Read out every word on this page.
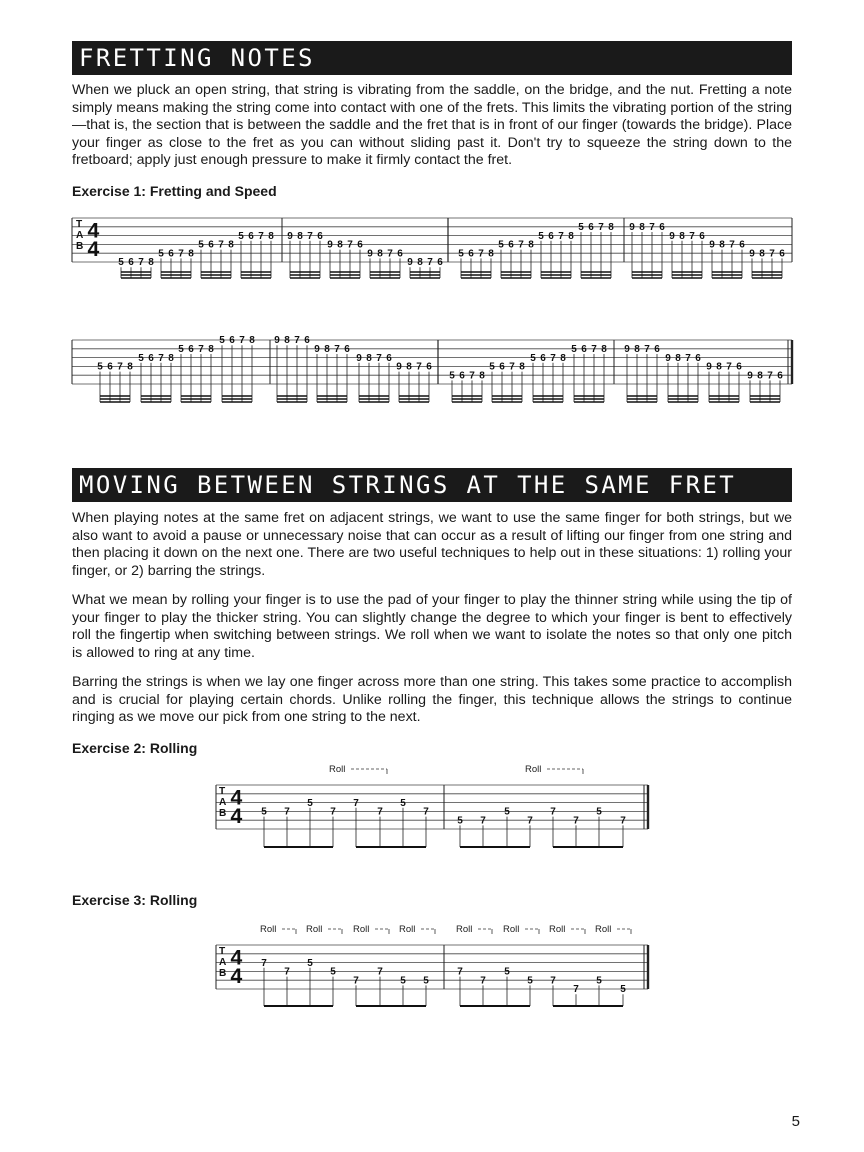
FRETTING NOTES

When we pluck an open string, that string is vibrating from the saddle, on the bridge, and the nut. Fretting a note simply means making the string come into contact with one of the frets. This limits the vibrating portion of the string—that is, the section that is between the saddle and the fret that is in front of our finger (towards the bridge). Place your finger as close to the fret as you can without sliding past it. Don't try to squeeze the string down to the fretboard; apply just enough pressure to make it firmly contact the fret.

Exercise 1: Fretting and Speed

T
A
B
4
4
5 6 7 8
5 6 7 8
5 6 7 8
5 6 7 8 9 8 7 6
9 8 7 6
9 8 7 6
9 8 7 6
5 6 7 8
5 6 7 8
5 6 7 8
5 6 7 8 9 8 7 6
9 8 7 6
9 8 7 6
9 8 7 6
5 6 7 8
5 6 7 8
5 6 7 8
5 6 7 8 9 8 7 6
9 8 7 6
9 8 7 6
9 8 7 6
5 6 7 8
5 6 7 8
5 6 7 8
5 6 7 8 9 8 7 6
9 8 7 6
9 8 7 6
9 8 7 6
T
A
B
4
4 5 7
5
7
7
7
5
7
5 7
5
7
7
7
5
7
Roll	Roll
T
A
B
4
4
7
7
5
5
7
7
5 5
7
7
5
5 7
7
5
5
Roll	Roll	Roll	Roll	Roll	Roll	Roll	Roll
MOVING BETWEEN STRINGS AT THE SAME FRET

When playing notes at the same fret on adjacent strings, we want to use the same finger for both strings, but we also want to avoid a pause or unnecessary noise that can occur as a result of lifting our finger from one string and then placing it down on the next one. There are two useful techniques to help out in these situations: 1) rolling your finger, or 2) barring the strings.

What we mean by rolling your finger is to use the pad of your finger to play the thinner string while using the tip of your finger to play the thicker string. You can slightly change the degree to which your finger is bent to effectively roll the fingertip when switching between strings. We roll when we want to isolate the notes so that only one pitch is allowed to ring at any time.

Barring the strings is when we lay one finger across more than one string. This takes some practice to accomplish and is crucial for playing certain chords. Unlike rolling the finger, this technique allows the strings to continue ringing as we move our pick from one string to the next.

Exercise 2: Rolling

Exercise 3: Rolling

5
